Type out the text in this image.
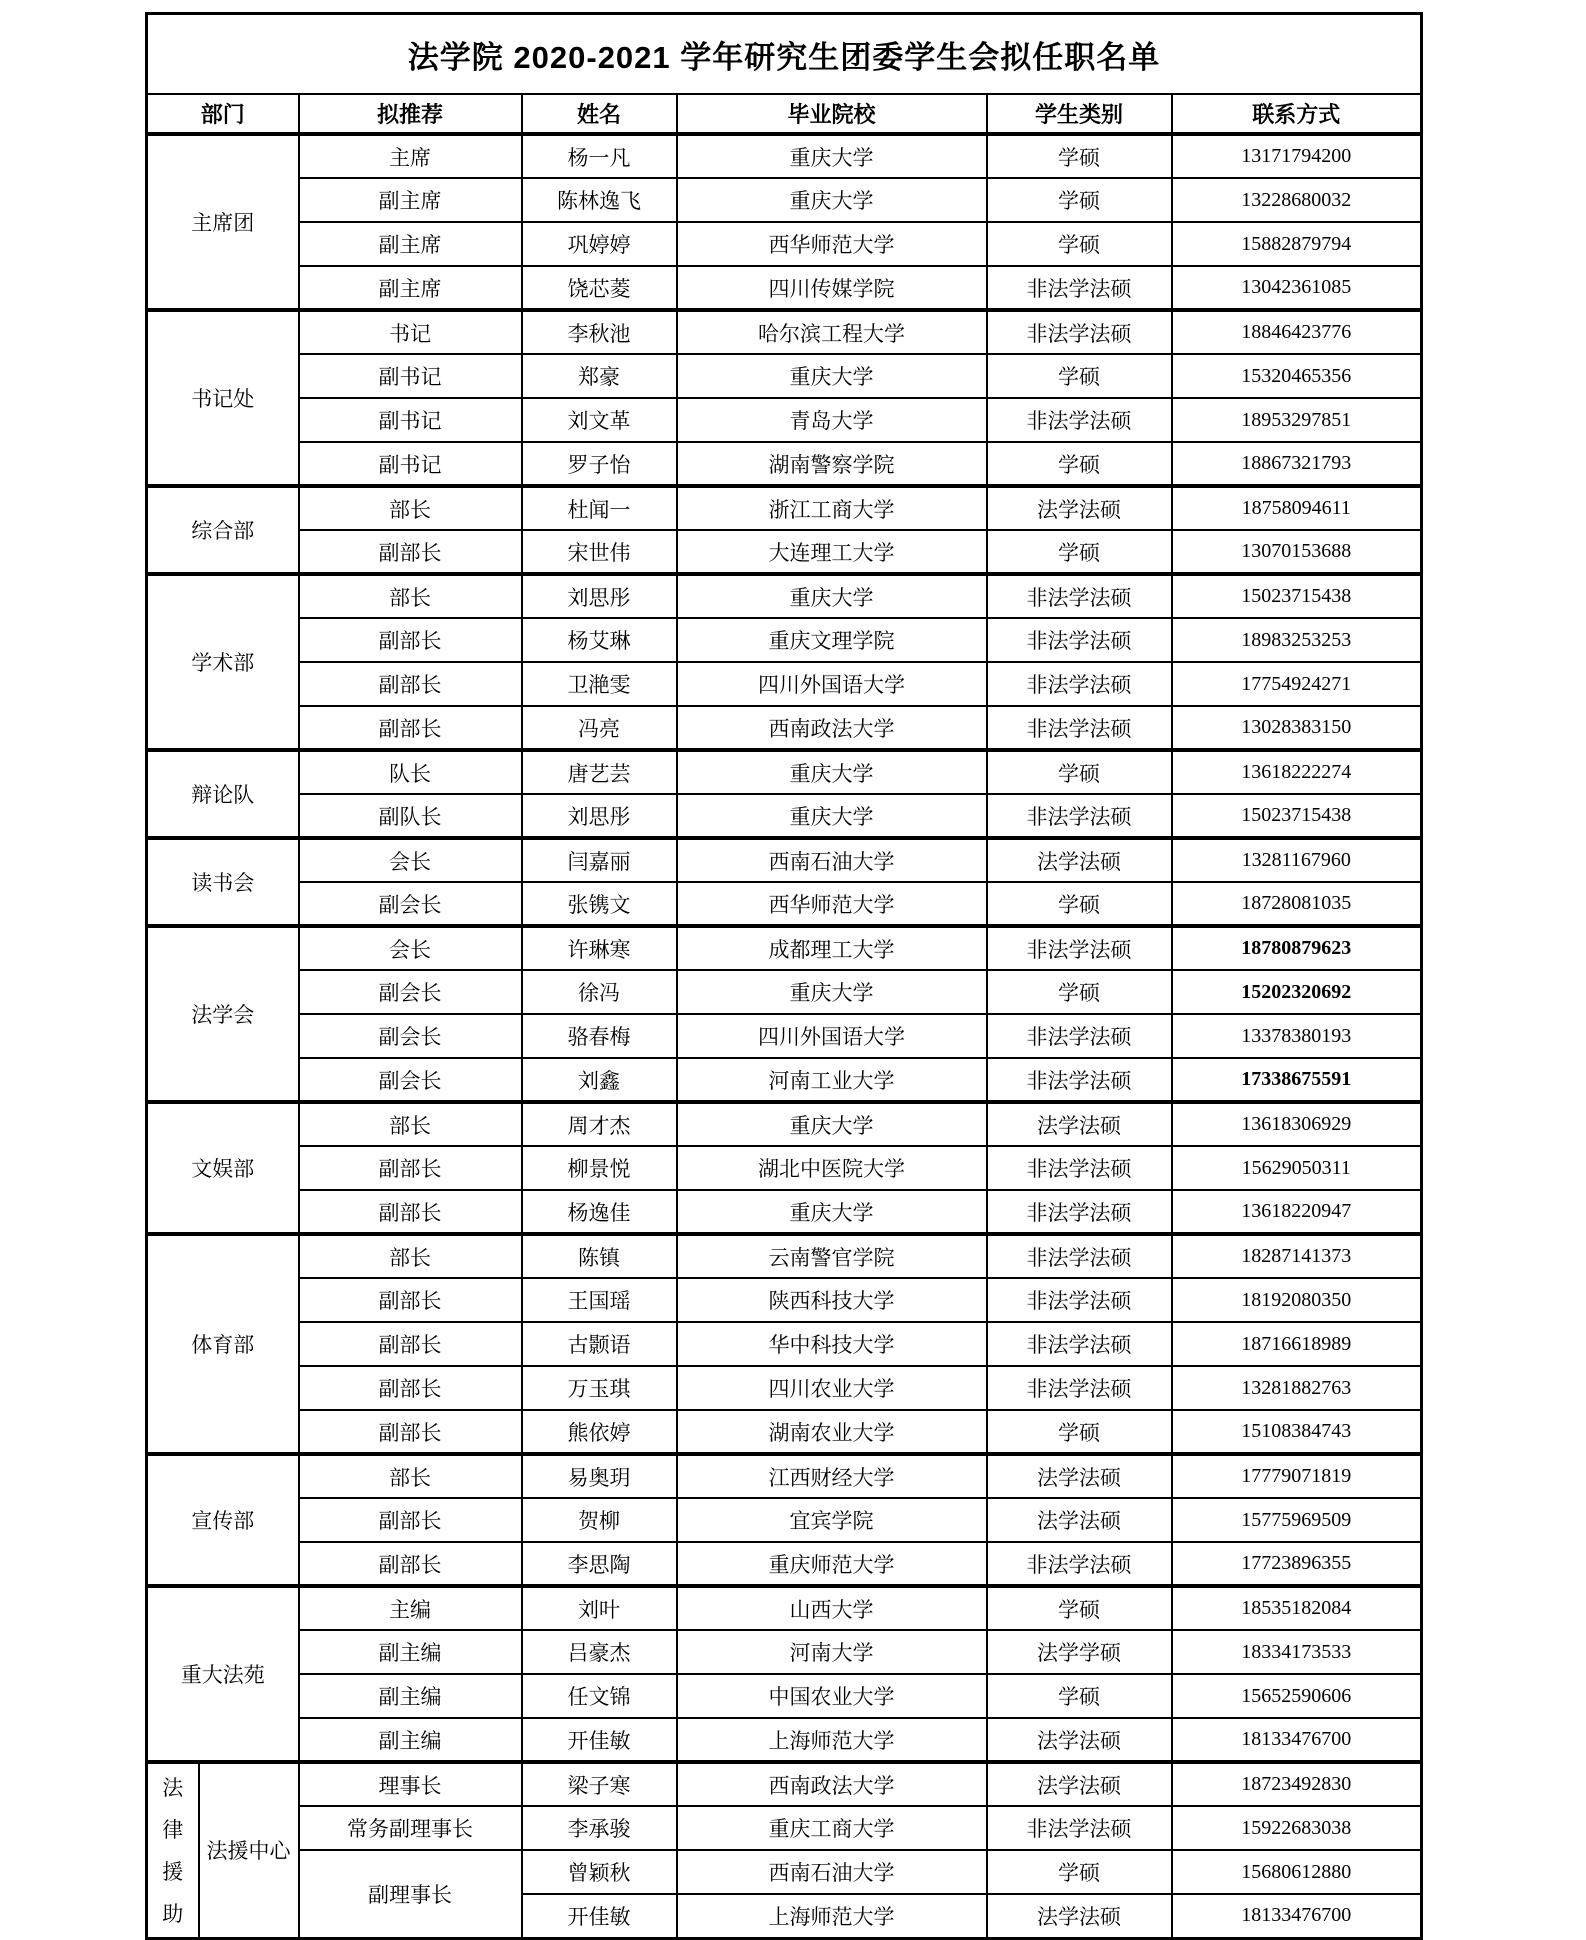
法学院 2020-2021 学年研究生团委学生会拟任职名单						
部门		拟推荐	姓名	毕业院校	学生类别	联系方式
主席团		主席	杨一凡	重庆大学	学硕	13171794200
		副主席	陈林逸飞	重庆大学	学硕	13228680032
		副主席	巩婷婷	西华师范大学	学硕	15882879794
		副主席	饶芯菱	四川传媒学院	非法学法硕	13042361085
书记处		书记	李秋池	哈尔滨工程大学	非法学法硕	18846423776
		副书记	郑豪	重庆大学	学硕	15320465356
		副书记	刘文革	青岛大学	非法学法硕	18953297851
		副书记	罗子怡	湖南警察学院	学硕	18867321793
综合部		部长	杜闻一	浙江工商大学	法学法硕	18758094611
		副部长	宋世伟	大连理工大学	学硕	13070153688
学术部		部长	刘思彤	重庆大学	非法学法硕	15023715438
		副部长	杨艾琳	重庆文理学院	非法学法硕	18983253253
		副部长	卫滟雯	四川外国语大学	非法学法硕	17754924271
		副部长	冯亮	西南政法大学	非法学法硕	13028383150
辩论队		队长	唐艺芸	重庆大学	学硕	13618222274
		副队长	刘思彤	重庆大学	非法学法硕	15023715438
读书会		会长	闫嘉丽	西南石油大学	法学法硕	13281167960
		副会长	张镌文	西华师范大学	学硕	18728081035
法学会		会长	许琳寒	成都理工大学	非法学法硕	18780879623
		副会长	徐冯	重庆大学	学硕	15202320692
		副会长	骆春梅	四川外国语大学	非法学法硕	13378380193
		副会长	刘鑫	河南工业大学	非法学法硕	17338675591
文娱部		部长	周才杰	重庆大学	法学法硕	13618306929
		副部长	柳景悦	湖北中医院大学	非法学法硕	15629050311
		副部长	杨逸佳	重庆大学	非法学法硕	13618220947
体育部		部长	陈镇	云南警官学院	非法学法硕	18287141373
		副部长	王国瑶	陕西科技大学	非法学法硕	18192080350
		副部长	古颢语	华中科技大学	非法学法硕	18716618989
		副部长	万玉琪	四川农业大学	非法学法硕	13281882763
		副部长	熊依婷	湖南农业大学	学硕	15108384743
宣传部		部长	易奥玥	江西财经大学	法学法硕	17779071819
		副部长	贺柳	宜宾学院	法学法硕	15775969509
		副部长	李思陶	重庆师范大学	非法学法硕	17723896355
重大法苑		主编	刘叶	山西大学	学硕	18535182084
		副主编	吕豪杰	河南大学	法学学硕	18334173533
		副主编	任文锦	中国农业大学	学硕	15652590606
		副主编	开佳敏	上海师范大学	法学法硕	18133476700

法
律
援
助	法援中心	理事长	梁子寒	西南政法大学	法学法硕	18723492830
		常务副理事长	李承骏	重庆工商大学	非法学法硕	15922683038
		副理事长	曾颖秋	西南石油大学	学硕	15680612880
			开佳敏	上海师范大学	法学法硕	18133476700
